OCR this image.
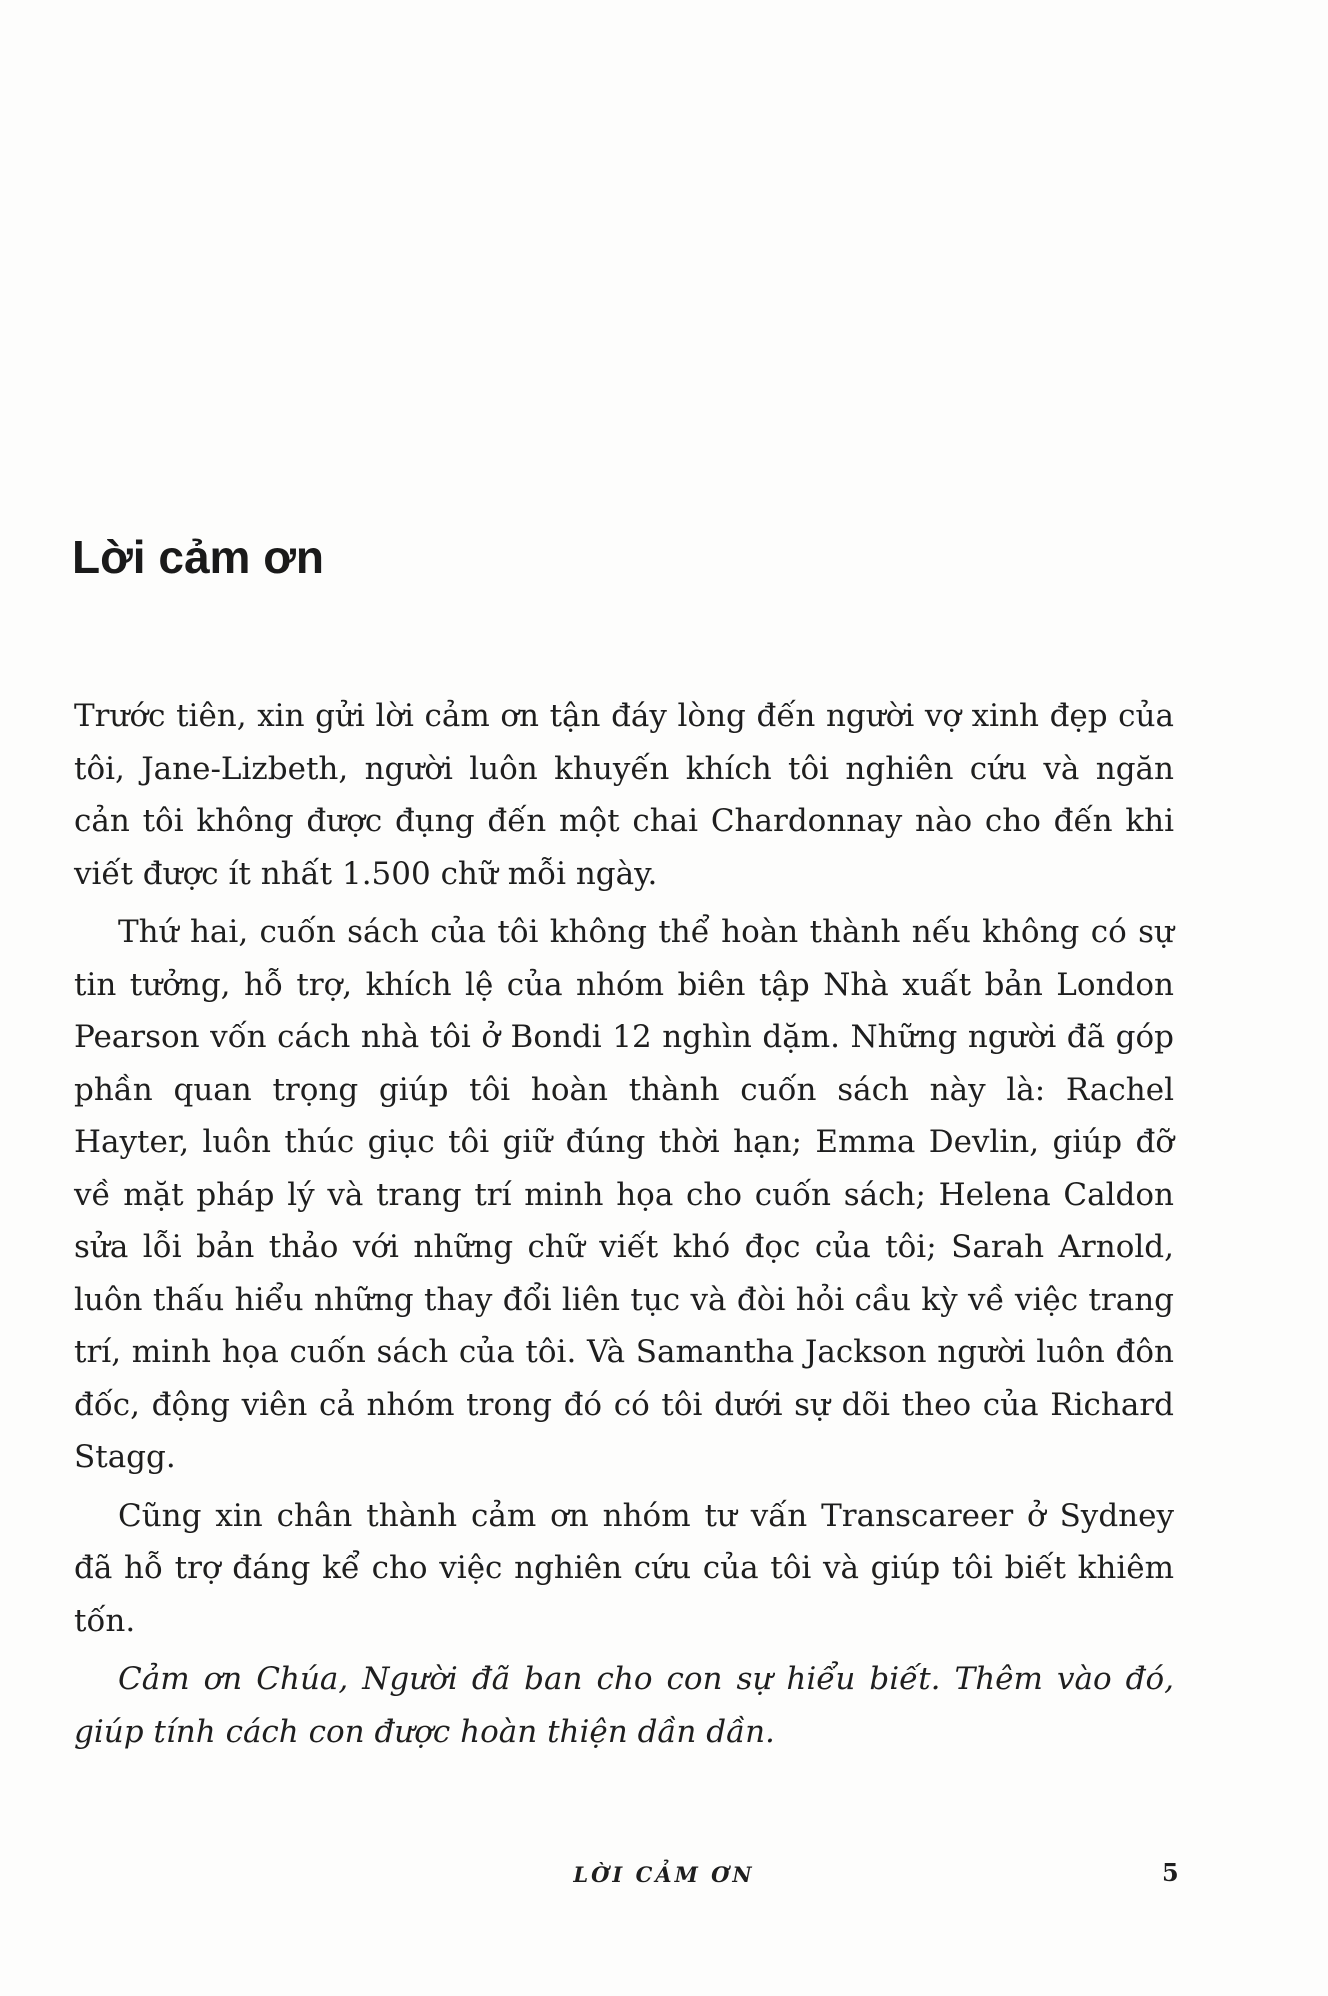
Lời cảm ơn

Trước tiên, xin gửi lời cảm ơn tận đáy lòng đến người vợ xinh đẹp của tôi, Jane-Lizbeth, người luôn khuyến khích tôi nghiên cứu và ngăn cản tôi không được đụng đến một chai Chardonnay nào cho đến khi viết được ít nhất 1.500 chữ mỗi ngày.

Thứ hai, cuốn sách của tôi không thể hoàn thành nếu không có sự tin tưởng, hỗ trợ, khích lệ của nhóm biên tập Nhà xuất bản London Pearson vốn cách nhà tôi ở Bondi 12 nghìn dặm. Những người đã góp phần quan trọng giúp tôi hoàn thành cuốn sách này là: Rachel Hayter, luôn thúc giục tôi giữ đúng thời hạn; Emma Devlin, giúp đỡ về mặt pháp lý và trang trí minh họa cho cuốn sách; Helena Caldon sửa lỗi bản thảo với những chữ viết khó đọc của tôi; Sarah Arnold, luôn thấu hiểu những thay đổi liên tục và đòi hỏi cầu kỳ về việc trang trí, minh họa cuốn sách của tôi. Và Samantha Jackson người luôn đôn đốc, động viên cả nhóm trong đó có tôi dưới sự dõi theo của Richard Stagg.

Cũng xin chân thành cảm ơn nhóm tư vấn Transcareer ở Sydney đã hỗ trợ đáng kể cho việc nghiên cứu của tôi và giúp tôi biết khiêm tốn.

Cảm ơn Chúa, Người đã ban cho con sự hiểu biết. Thêm vào đó, giúp tính cách con được hoàn thiện dần dần.

LỜI CẢM ƠN	5
